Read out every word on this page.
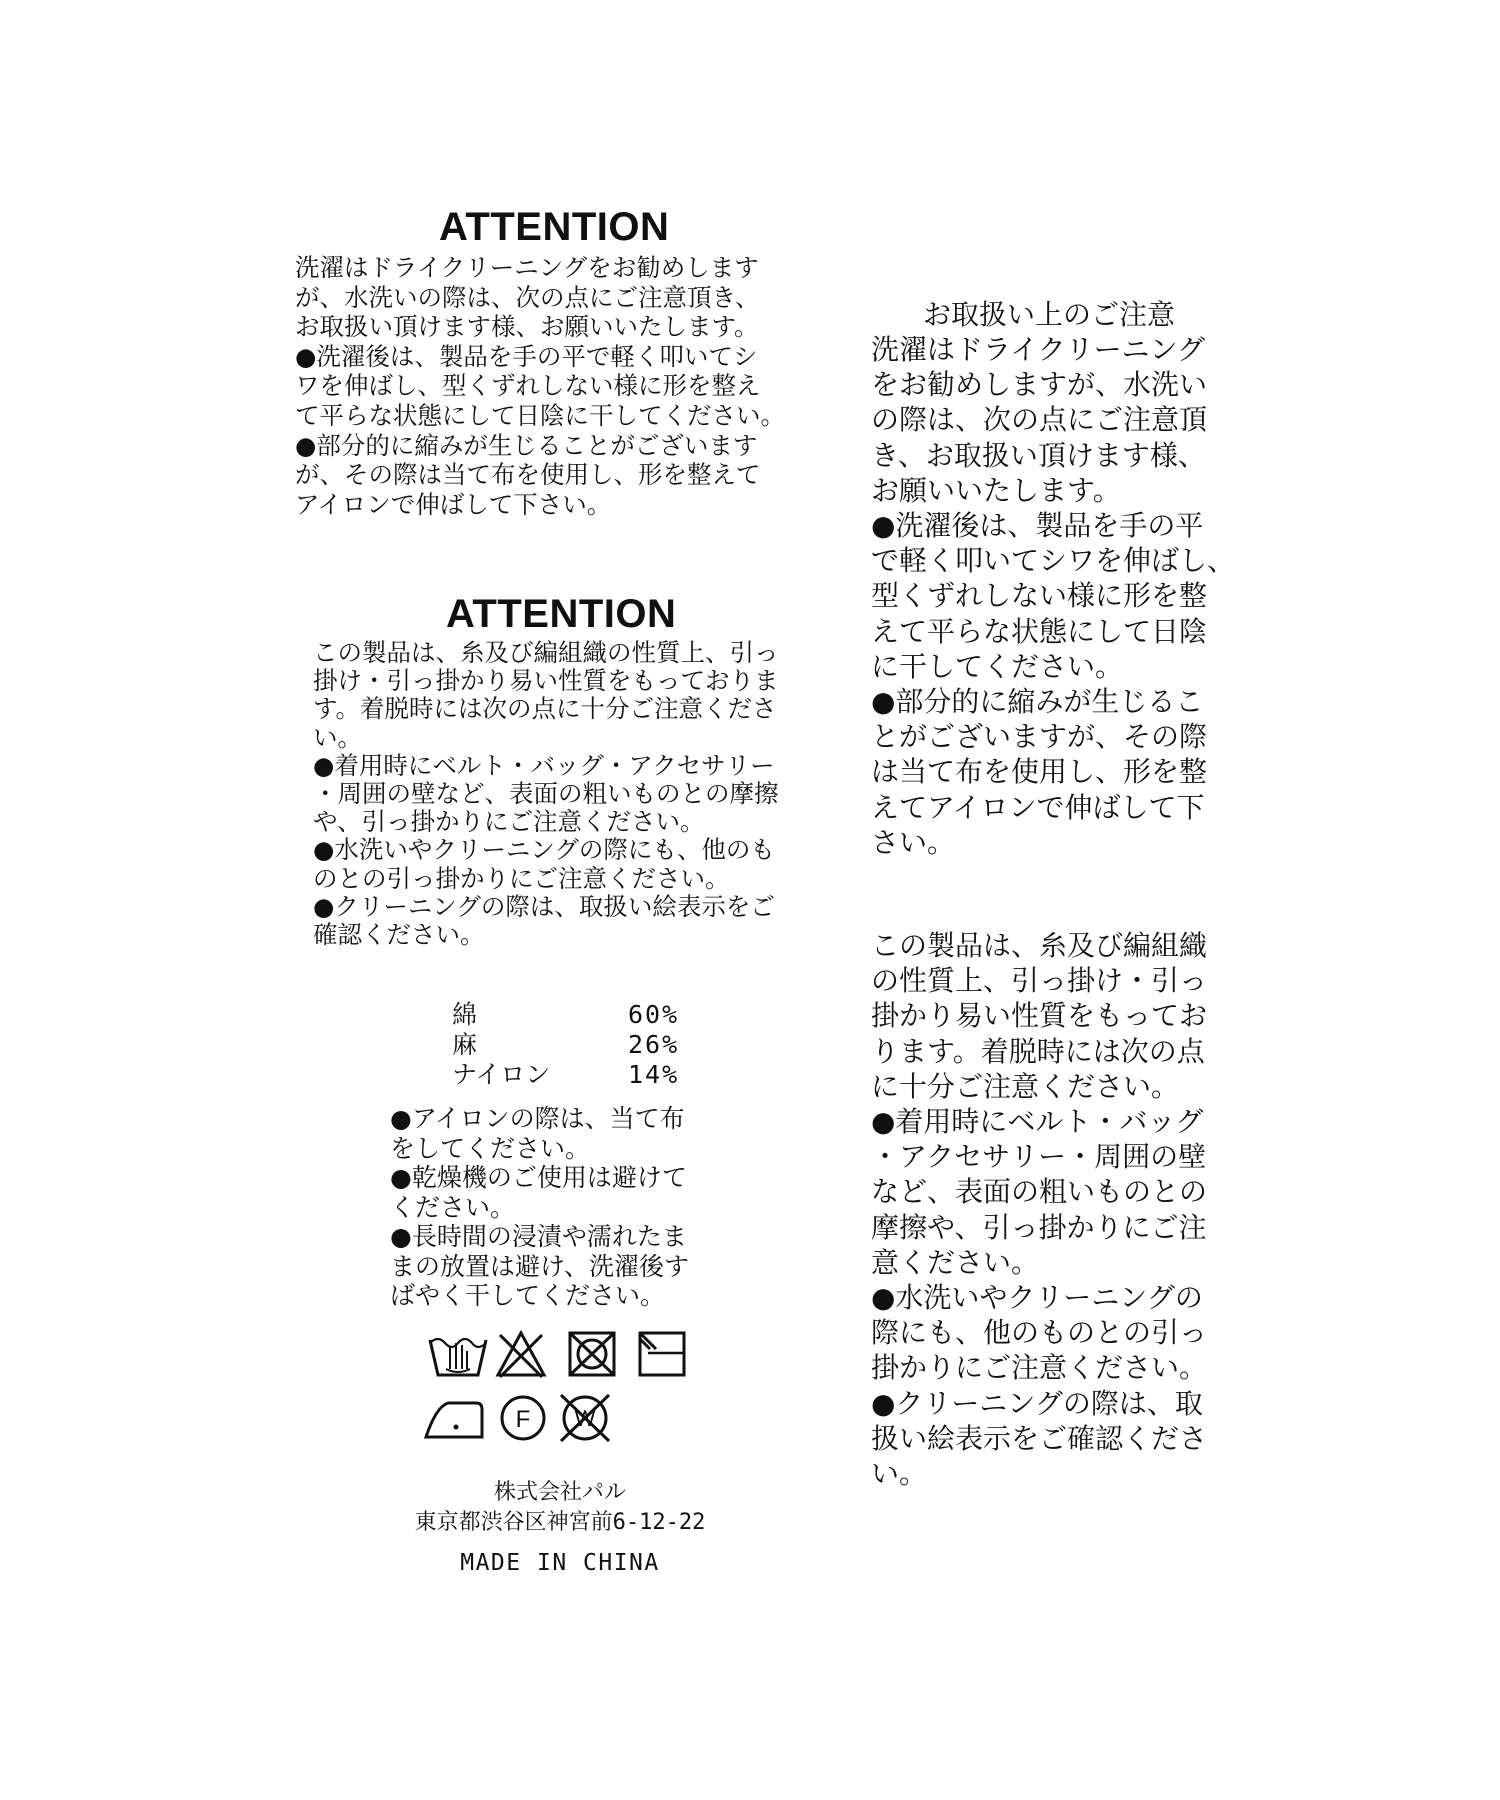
ATTENTION

洗濯はドライクリーニングをお勧めします

が、水洗いの際は、次の点にご注意頂き、

お取扱い頂けます様、お願いいたします。

●洗濯後は、製品を手の平で軽く叩いてシ

ワを伸ばし、型くずれしない様に形を整え

て平らな状態にして日陰に干してください。

●部分的に縮みが生じることがございます

が、その際は当て布を使用し、形を整えて

アイロンで伸ばして下さい。

ATTENTION

この製品は、糸及び編組織の性質上、引っ

掛け・引っ掛かり易い性質をもっておりま

す。着脱時には次の点に十分ご注意くださ

い。

●着用時にベルト・バッグ・アクセサリー

・周囲の壁など、表面の粗いものとの摩擦

や、引っ掛かりにご注意ください。

●水洗いやクリーニングの際にも、他のも

のとの引っ掛かりにご注意ください。

●クリーニングの際は、取扱い絵表示をご

確認ください。

綿	60%
麻	26%
ナイロン	14%

●アイロンの際は、当て布

をしてください。

●乾燥機のご使用は避けて

ください。

●長時間の浸漬や濡れたま

まの放置は避け、洗濯後す

ばやく干してください。

F W

株式会社パル

東京都渋谷区神宮前6-12-22

MADE IN CHINA

お取扱い上のご注意

洗濯はドライクリーニング

をお勧めしますが、水洗い

の際は、次の点にご注意頂

き、お取扱い頂けます様、

お願いいたします。

●洗濯後は、製品を手の平

で軽く叩いてシワを伸ばし、

型くずれしない様に形を整

えて平らな状態にして日陰

に干してください。

●部分的に縮みが生じるこ

とがございますが、その際

は当て布を使用し、形を整

えてアイロンで伸ばして下

さい。

この製品は、糸及び編組織

の性質上、引っ掛け・引っ

掛かり易い性質をもってお

ります。着脱時には次の点

に十分ご注意ください。

●着用時にベルト・バッグ

・アクセサリー・周囲の壁

など、表面の粗いものとの

摩擦や、引っ掛かりにご注

意ください。

●水洗いやクリーニングの

際にも、他のものとの引っ

掛かりにご注意ください。

●クリーニングの際は、取

扱い絵表示をご確認くださ

い。
